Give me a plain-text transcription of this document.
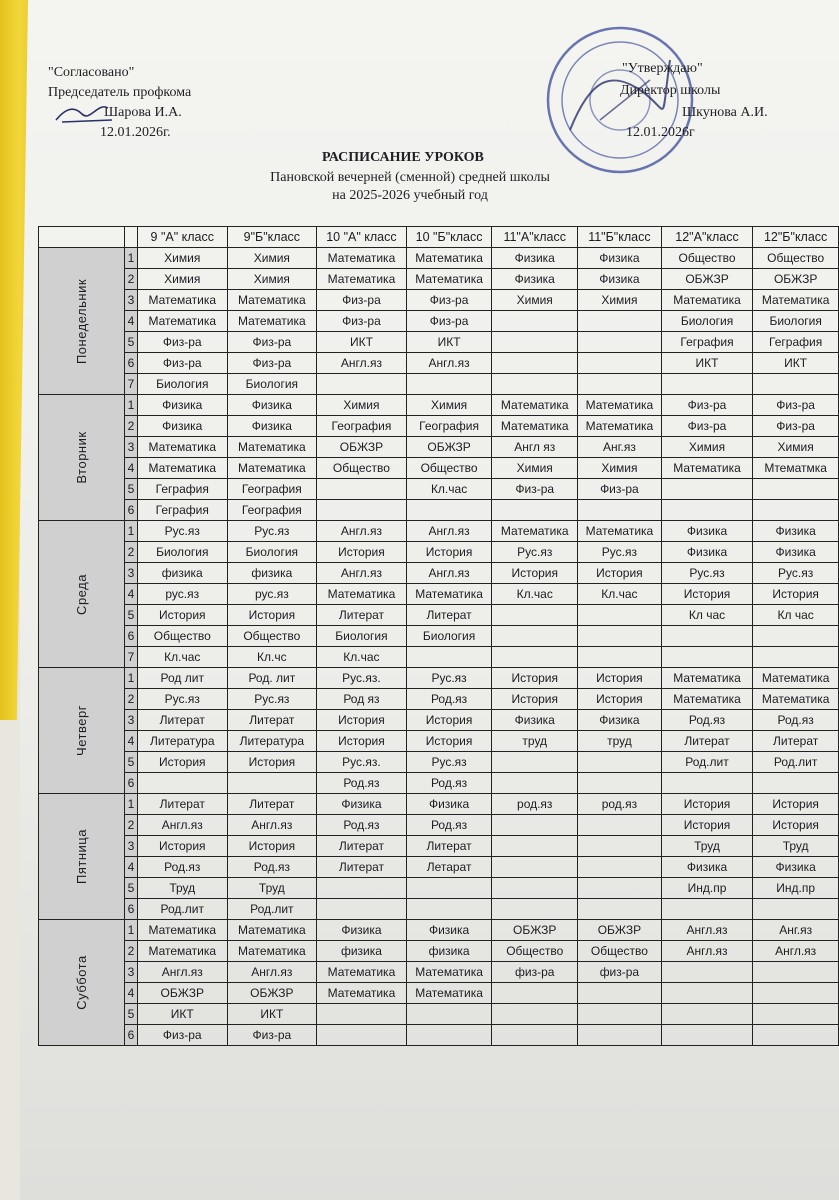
"Согласовано"
Председатель профкома
Шарова И.А.
12.01.2026г.
"Утверждаю"
Директор школы
Шкунова А.И.
12.01.2026г
РАСПИСАНИЕ УРОКОВ
Пановской вечерней (сменной) средней школы
на 2025-2026 учебный год
		9 "А" класс	9"Б"класс	10 "А" класс	10 "Б"класс	11"А"класс	11"Б"класс	12"А"класс	12"Б"класс

Понедельник	1	Химия	Химия	Математика	Математика	Физика	Физика	Общество	Общество
	2	Химия	Химия	Математика	Математика	Физика	Физика	ОБЖЗР	ОБЖЗР
	3	Математика	Математика	Физ-ра	Физ-ра	Химия	Химия	Математика	Математика
	4	Математика	Математика	Физ-ра	Физ-ра			Биология	Биология
	5	Физ-ра	Физ-ра	ИКТ	ИКТ			Геграфия	Геграфия
	6	Физ-ра	Физ-ра	Англ.яз	Англ.яз			ИКТ	ИКТ
	7	Биология	Биология						

Вторник	1	Физика	Физика	Химия	Химия	Математика	Математика	Физ-ра	Физ-ра
	2	Физика	Физика	География	География	Математика	Математика	Физ-ра	Физ-ра
	3	Математика	Математика	ОБЖЗР	ОБЖЗР	Англ яз	Анг.яз	Химия	Химия
	4	Математика	Математика	Общество	Общество	Химия	Химия	Математика	Мтематмка
	5	Геграфия	География		Кл.час	Физ-ра	Физ-ра		
	6	Геграфия	География						

Среда	1	Рус.яз	Рус.яз	Англ.яз	Англ.яз	Математика	Математика	Физика	Физика
	2	Биология	Биология	История	История	Рус.яз	Рус.яз	Физика	Физика
	3	физика	физика	Англ.яз	Англ.яз	История	История	Рус.яз	Рус.яз
	4	рус.яз	рус.яз	Математика	Математика	Кл.час	Кл.час	История	История
	5	История	История	Литерат	Литерат			Кл час	Кл час
	6	Общество	Общество	Биология	Биология				
	7	Кл.час	Кл.чс	Кл.час					

Четверг	1	Род лит	Род. лит	Рус.яз.	Рус.яз	История	История	Математика	Математика
	2	Рус.яз	Рус.яз	Род яз	Род.яз	История	История	Математика	Математика
	3	Литерат	Литерат	История	История	Физика	Физика	Род.яз	Род.яз
	4	Литература	Литература	История	История	труд	труд	Литерат	Литерат
	5	История	История	Рус.яз.	Рус.яз			Род.лит	Род.лит
	6			Род.яз	Род.яз				

Пятница	1	Литерат	Литерат	Физика	Физика	род.яз	род.яз	История	История
	2	Англ.яз	Англ.яз	Род.яз	Род.яз			История	История
	3	История	История	Литерат	Литерат			Труд	Труд
	4	Род.яз	Род.яз	Литерат	Летарат			Физика	Физика
	5	Труд	Труд					Инд.пр	Инд.пр
	6	Род.лит	Род.лит						

Суббота	1	Математика	Математика	Физика	Физика	ОБЖЗР	ОБЖЗР	Англ.яз	Анг.яз
	2	Математика	Математика	физика	физика	Общество	Общество	Англ.яз	Англ.яз
	3	Англ.яз	Англ.яз	Математика	Математика	физ-ра	физ-ра		
	4	ОБЖЗР	ОБЖЗР	Математика	Математика				
	5	ИКТ	ИКТ						
	6	Физ-ра	Физ-ра						
